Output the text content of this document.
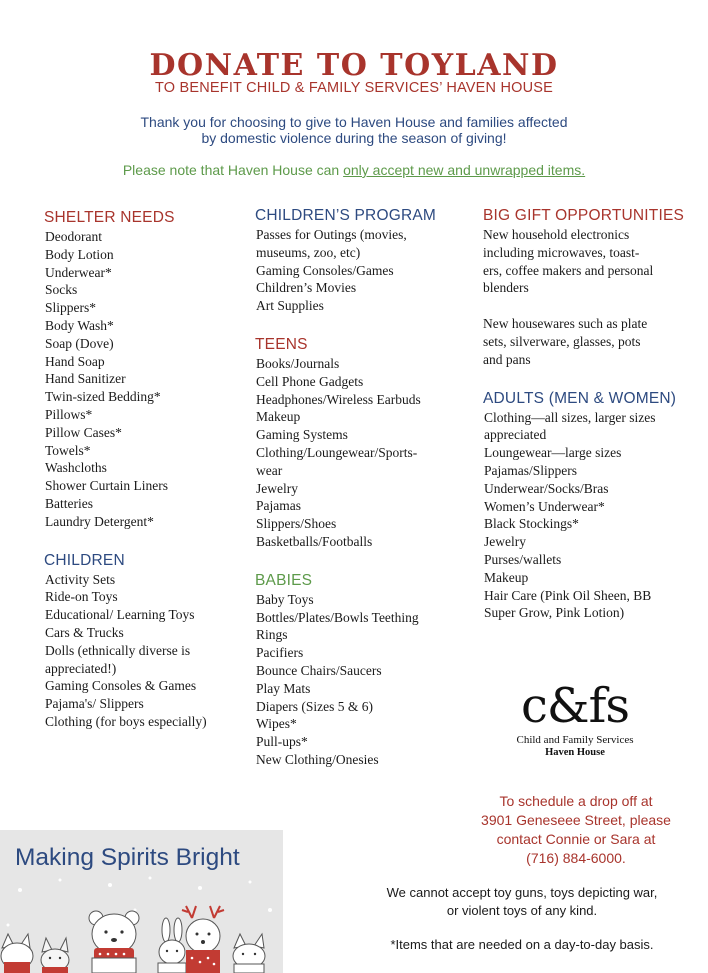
DONATE TO TOYLAND
TO BENEFIT CHILD & FAMILY SERVICES’ HAVEN HOUSE
Thank you for choosing to give to Haven House and families affected
by domestic violence during the season of giving!
Please note that Haven House can only accept new and unwrapped items.
SHELTER NEEDS
Deodorant
Body Lotion
Underwear*
Socks
Slippers*
Body Wash*
Soap (Dove)
Hand Soap
Hand Sanitizer
Twin-sized Bedding*
Pillows*
Pillow Cases*
Towels*
Washcloths
Shower Curtain Liners
Batteries
Laundry Detergent*
CHILDREN
Activity Sets
Ride-on Toys
Educational/ Learning Toys
Cars & Trucks
Dolls (ethnically diverse is
appreciated!)
Gaming Consoles & Games
Pajama's/ Slippers
Clothing (for boys especially)
CHILDREN’S PROGRAM
Passes for Outings (movies,
museums, zoo, etc)
Gaming Consoles/Games
Children’s Movies
Art Supplies
TEENS
Books/Journals
Cell Phone Gadgets
Headphones/Wireless Earbuds
Makeup
Gaming Systems
Clothing/Loungewear/Sports-
wear
Jewelry
Pajamas
Slippers/Shoes
Basketballs/Footballs
BABIES
Baby Toys
Bottles/Plates/Bowls Teething
Rings
Pacifiers
Bounce Chairs/Saucers
Play Mats
Diapers (Sizes 5 & 6)
Wipes*
Pull-ups*
New Clothing/Onesies
BIG GIFT OPPORTUNITIES
New household electronics
including microwaves, toast-
ers, coffee makers and personal
blenders
New housewares such as plate
sets, silverware, glasses, pots
and pans
ADULTS (MEN & WOMEN)
Clothing—all sizes, larger sizes
appreciated
Loungewear—large sizes
Pajamas/Slippers
Underwear/Socks/Bras
Women’s Underwear*
Black Stockings*
Jewelry
Purses/wallets
Makeup
Hair Care (Pink Oil Sheen, BB
Super Grow, Pink Lotion)
c&fs
Child and Family Services
Haven House
To schedule a drop off at
3901 Geneseee Street, please
contact Connie or Sara at
(716) 884-6000.
We cannot accept toy guns, toys depicting war,
or violent toys of any kind.
*Items that are needed on a day-to-day basis.
Making Spirits Bright
